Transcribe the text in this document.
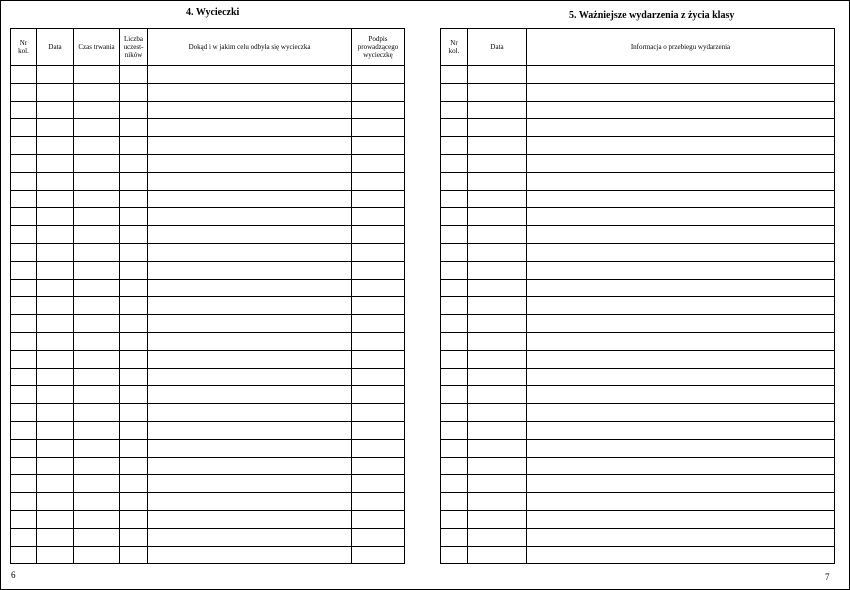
4. Wycieczki
Nr
kol.	Data	Czas trwania	Liczba
uczest-
ników	Dokąd i w jakim celu odbyła się wycieczka	Podpis
prowadzącego
wycieczkę

6
5. Ważniejsze wydarzenia z życia klasy
Nr
kol.	Data	Informacja o przebiegu wydarzenia

7
